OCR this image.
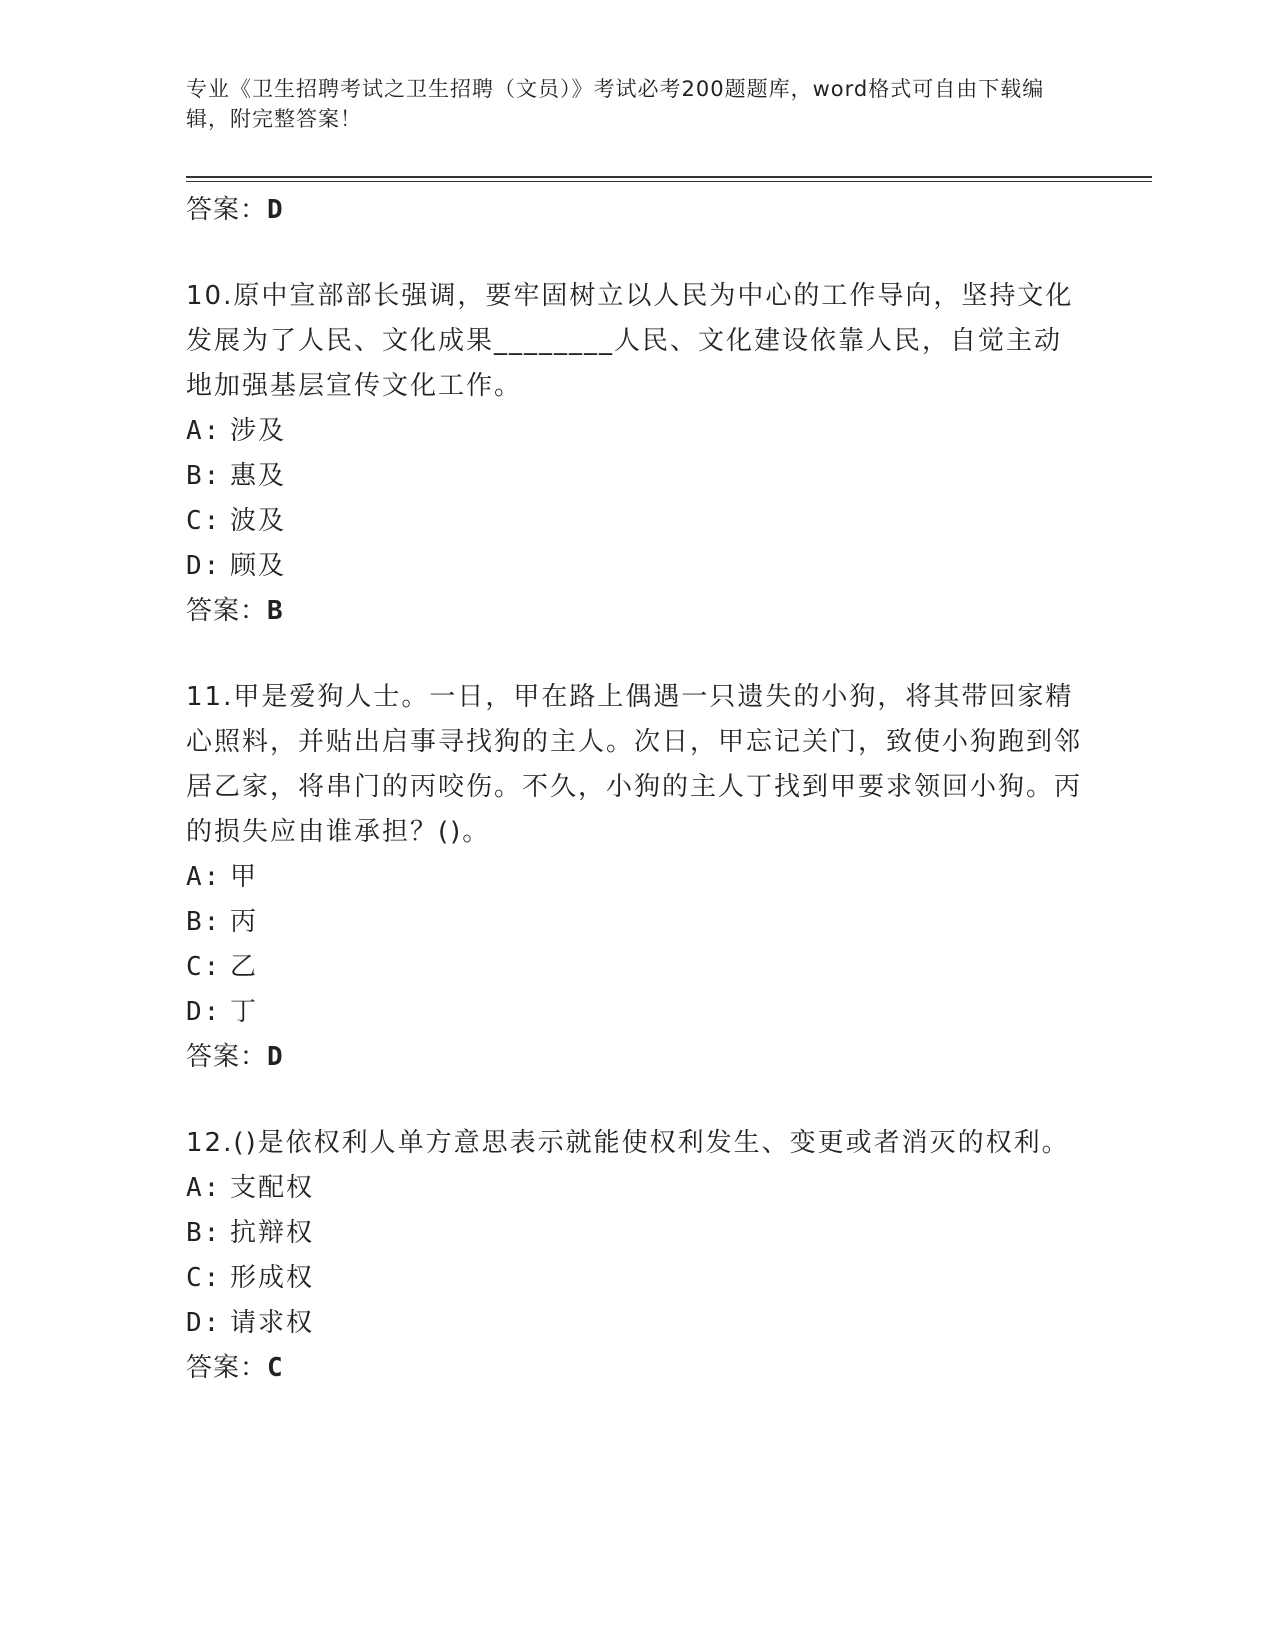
专业《卫生招聘考试之卫生招聘（文员）》考试必考200题题库，word格式可自由下载编辑，附完整答案！
答案：D

10.原中宣部部长强调，要牢固树立以人民为中心的工作导向，坚持文化发展为了人民、文化成果________人民、文化建设依靠人民，自觉主动地加强基层宣传文化工作。

A: 涉及
B: 惠及
C: 波及
D: 顾及
答案：B

11.甲是爱狗人士。一日，甲在路上偶遇一只遗失的小狗，将其带回家精心照料，并贴出启事寻找狗的主人。次日，甲忘记关门，致使小狗跑到邻居乙家，将串门的丙咬伤。不久，小狗的主人丁找到甲要求领回小狗。丙的损失应由谁承担？()。

A: 甲
B: 丙
C: 乙
D: 丁
答案：D

12.()是依权利人单方意思表示就能使权利发生、变更或者消灭的权利。

A: 支配权
B: 抗辩权
C: 形成权
D: 请求权
答案：C
